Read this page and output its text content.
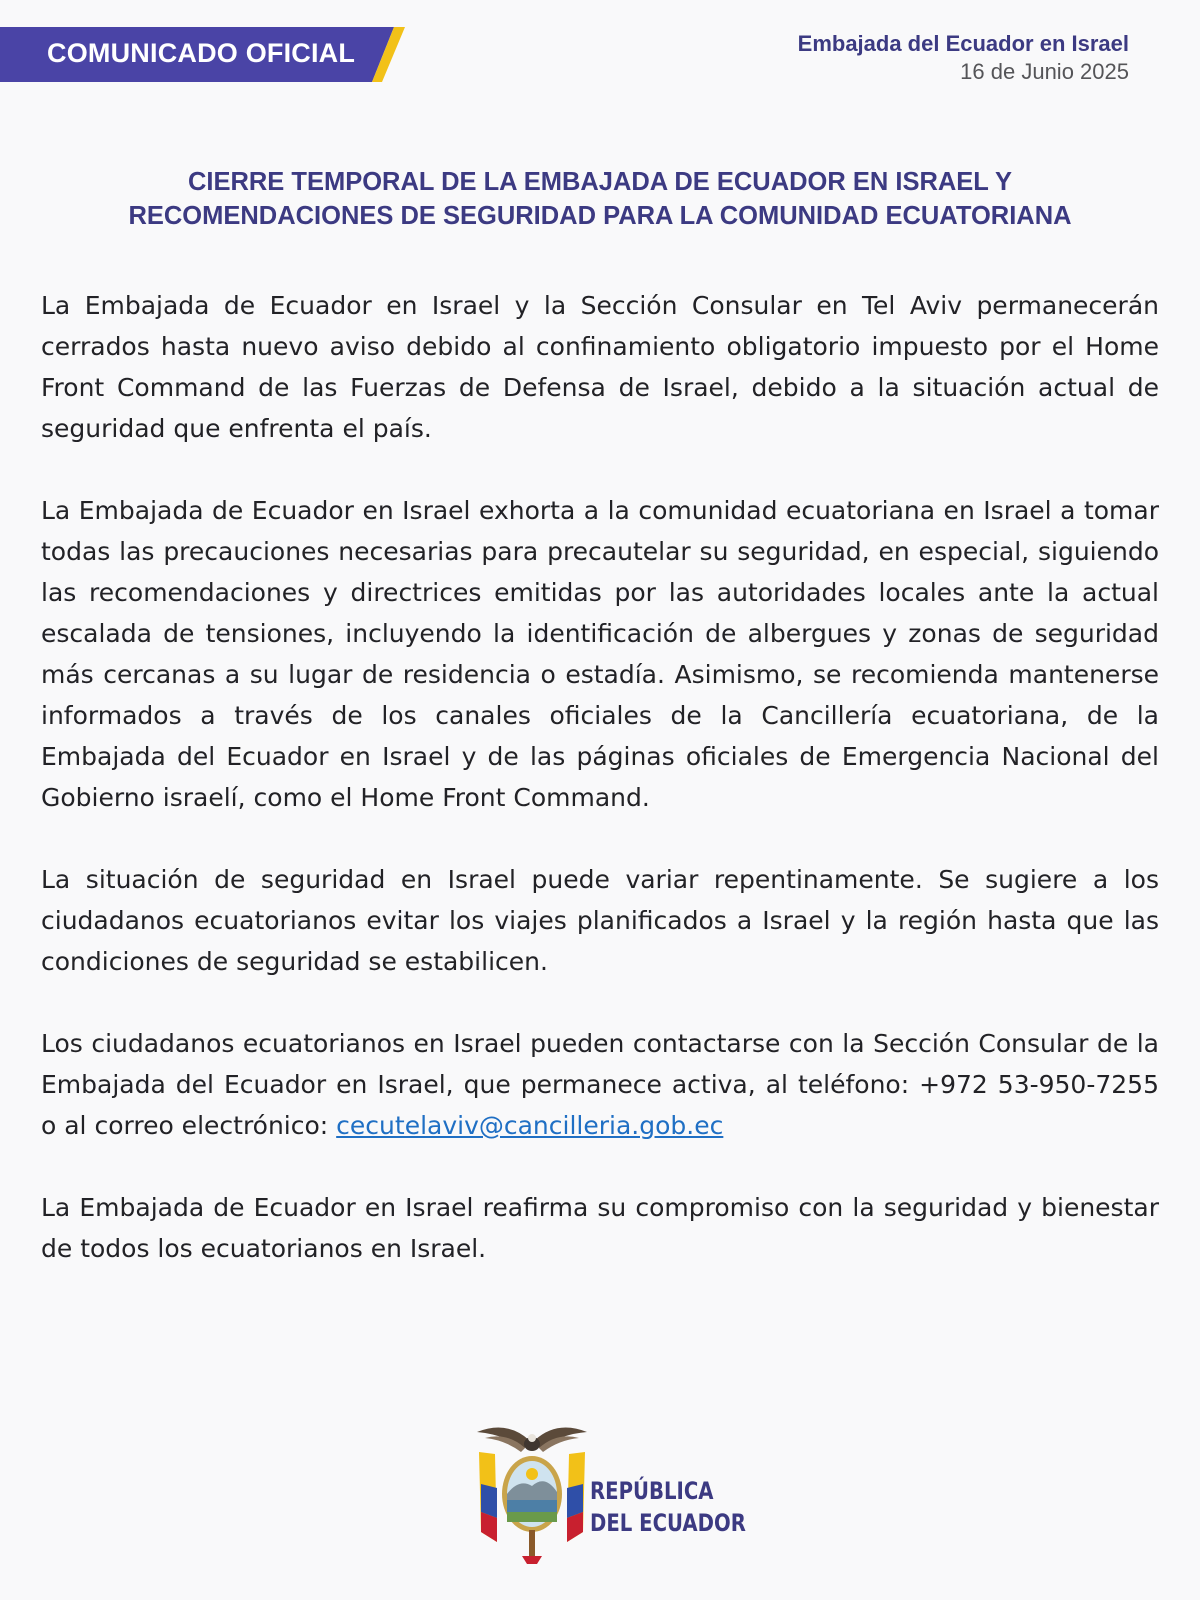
COMUNICADO OFICIAL	Embajada del Ecuador en Israel
16 de Junio 2025
CIERRE TEMPORAL DE LA EMBAJADA DE ECUADOR EN ISRAEL Y RECOMENDACIONES DE SEGURIDAD PARA LA COMUNIDAD ECUATORIANA

La Embajada de Ecuador en Israel y la Sección Consular en Tel Aviv permanecerán cerrados hasta nuevo aviso debido al confinamiento obligatorio impuesto por el Home Front Command de las Fuerzas de Defensa de Israel, debido a la situación actual de seguridad que enfrenta el país.

La Embajada de Ecuador en Israel exhorta a la comunidad ecuatoriana en Israel a tomar todas las precauciones necesarias para precautelar su seguridad, en especial, siguiendo las recomendaciones y directrices emitidas por las autoridades locales ante la actual escalada de tensiones, incluyendo la identificación de albergues y zonas de seguridad más cercanas a su lugar de residencia o estadía. Asimismo, se recomienda mantenerse informados a través de los canales oficiales de la Cancillería ecuatoriana, de la Embajada del Ecuador en Israel y de las páginas oficiales de Emergencia Nacional del Gobierno israelí, como el Home Front Command.

La situación de seguridad en Israel puede variar repentinamente. Se sugiere a los ciudadanos ecuatorianos evitar los viajes planificados a Israel y la región hasta que las condiciones de seguridad se estabilicen.

Los ciudadanos ecuatorianos en Israel pueden contactarse con la Sección Consular de la Embajada del Ecuador en Israel, que permanece activa, al teléfono: +972 53-950-7255 o al correo electrónico: cecutelaviv@cancilleria.gob.ec

La Embajada de Ecuador en Israel reafirma su compromiso con la seguridad y bienestar de todos los ecuatorianos en Israel.

REPÚBLICA
DEL ECUADOR
